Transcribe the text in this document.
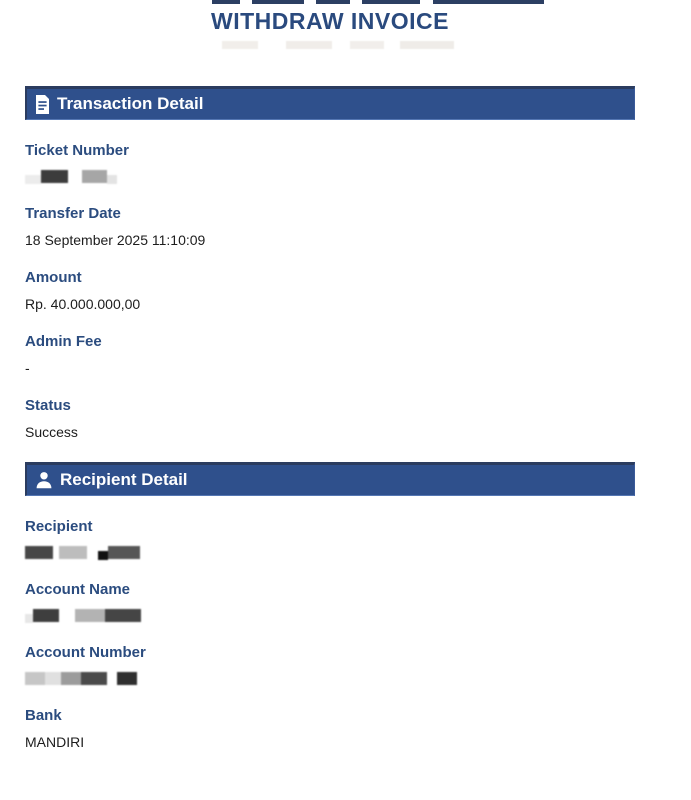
WITHDRAW INVOICE
Transaction Detail
Ticket Number
Transfer Date
18 September 2025 11:10:09
Amount
Rp. 40.000.000,00
Admin Fee
-
Status
Success
Recipient Detail
Recipient
Account Name
Account Number
Bank
MANDIRI
